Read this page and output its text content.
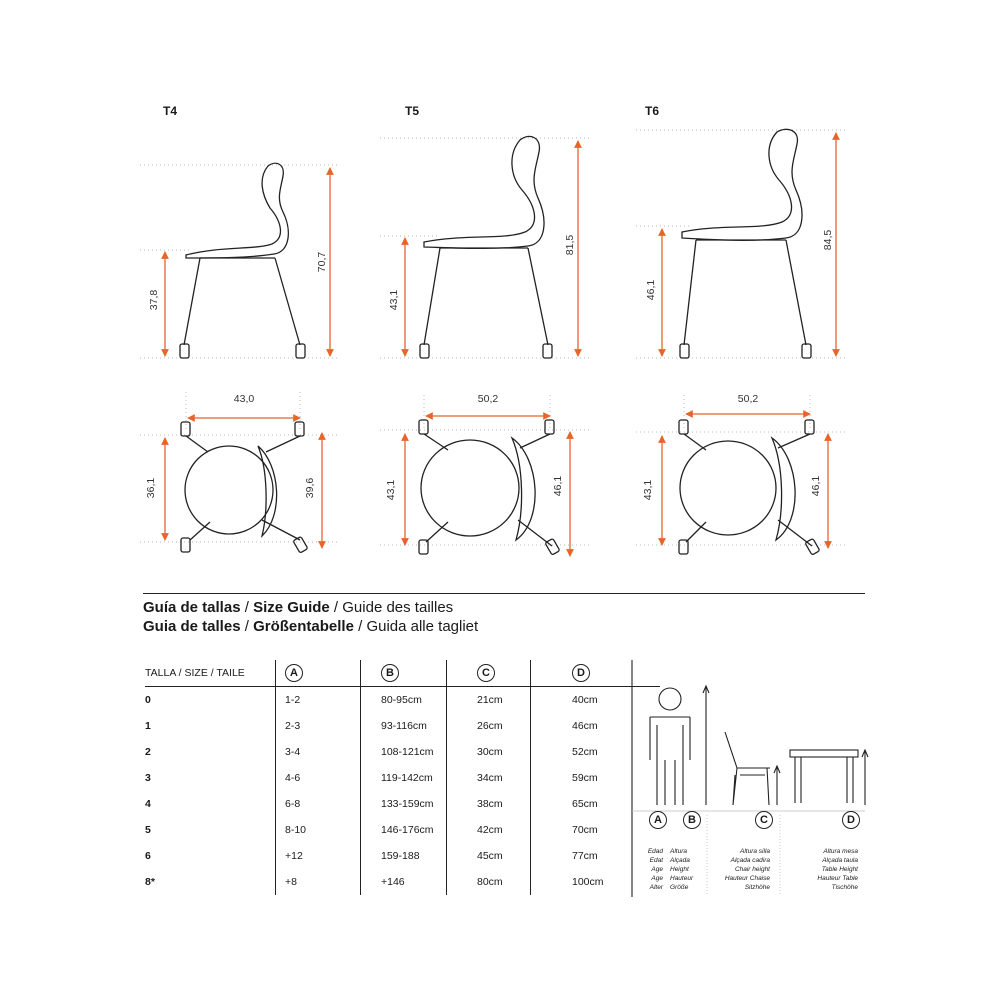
T4	T5	T6
70,7
37,8
81,5
43,1
84,5
46,1
43,0
36,1	39,6
50,2
43,1	46,1
50,2
43,1	46,1
Guía de tallas / Size Guide / Guide des tailles
Guia de talles / Größentabelle / Guida alle tagliet
TALLA / SIZE / TAILE	A	B	C	D
0	1-2	80-95cm	21cm	40cm
1	2-3	93-116cm	26cm	46cm
2	3-4	108-121cm	30cm	52cm
3	4-6	119-142cm	34cm	59cm
4	6-8	133-159cm	38cm	65cm
5	8-10	146-176cm	42cm	70cm
6	+12	159-188	45cm	77cm
8*	+8	+146	80cm	100cm
A	B	C	D
Edad
Edat
Age
Age
Alter
Altura
Alçada
Height
Hauteur
Größe
Altura silla
Alçada cadira
Chair height
Hauteur Chaise
Sitzhöhe
Altura mesa
Alçada taula
Table Height
Hauteur Table
Tischöhe
